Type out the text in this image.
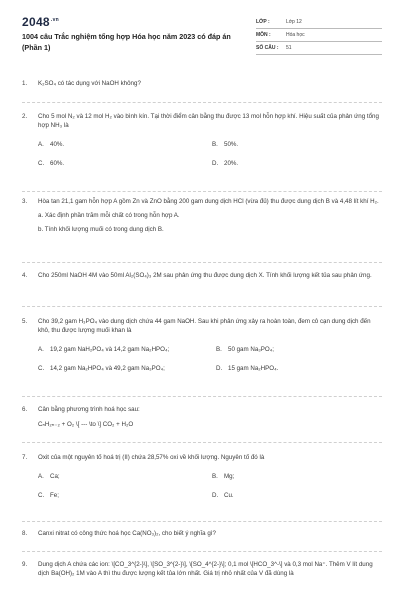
$2048^{.vn}$
1004 câu Trắc nghiệm tổng hợp Hóa học năm 2023 có đáp án (Phần 1)
LỚP :	Lớp 12
MÔN :	Hóa học
SỐ CÂU :	51
1.	K₂SO₄ có tác dụng với NaOH không?
2.	Cho 5 mol N₂ và 12 mol H₂ vào bình kín. Tại thời điểm cân bằng thu được 13 mol hỗn hợp khí. Hiệu suất của phản ứng tổng hợp NH₃ là
A. 40%.	B. 50%.
C. 60%.	D. 20%.
3.	Hòa tan 21,1 gam hỗn hợp A gồm Zn và ZnO bằng 200 gam dung dịch HCl (vừa đủ) thu được dung dịch B và 4,48 lít khí H₂.
a. Xác định phần trăm mỗi chất có trong hỗn hợp A.
b. Tính khối lượng muối có trong dung dịch B.
4.	Cho 250ml NaOH 4M vào 50ml Al₂(SO₄)₃ 2M sau phản ứng thu được dung dịch X. Tính khối lượng kết tủa sau phản ứng.
5.	Cho 39,2 gam H₃PO₄ vào dung dịch chứa 44 gam NaOH. Sau khi phản ứng xảy ra hoàn toàn, đem cô cạn dung dịch đến khô, thu được lượng muối khan là
A. 19,2 gam NaH₂PO₄ và 14,2 gam Na₂HPO₄;	B. 50 gam Na₃PO₄;
C. 14,2 gam Na₂HPO₄ và 49,2 gam Na₃PO₄;	D. 15 gam Na₂HPO₄.
6.	Cân bằng phương trình hoá học sau:
CₙH₂ₙ₋₂ + O₂ \[ --- \to \] CO₂ + H₂O
7.	Oxit của một nguyên tố hoá trị (II) chứa 28,57% oxi về khối lượng. Nguyên tố đó là
A. Ca;	B. Mg;
C. Fe;	D. Cu.
8.	Canxi nitrat có công thức hoá học Ca(NO₃)₂, cho biết ý nghĩa gì?
9.	Dung dịch A chứa các ion: \[CO_3^{2-}\], \[SO_3^{2-}\], \[SO_4^{2-}\]; 0,1 mol \[HCO_3^-\] và 0,3 mol Na⁺. Thêm V lít dung dịch Ba(OH)₂ 1M vào A thì thu được lượng kết tủa lớn nhất. Giá trị nhỏ nhất của V đã dùng là
